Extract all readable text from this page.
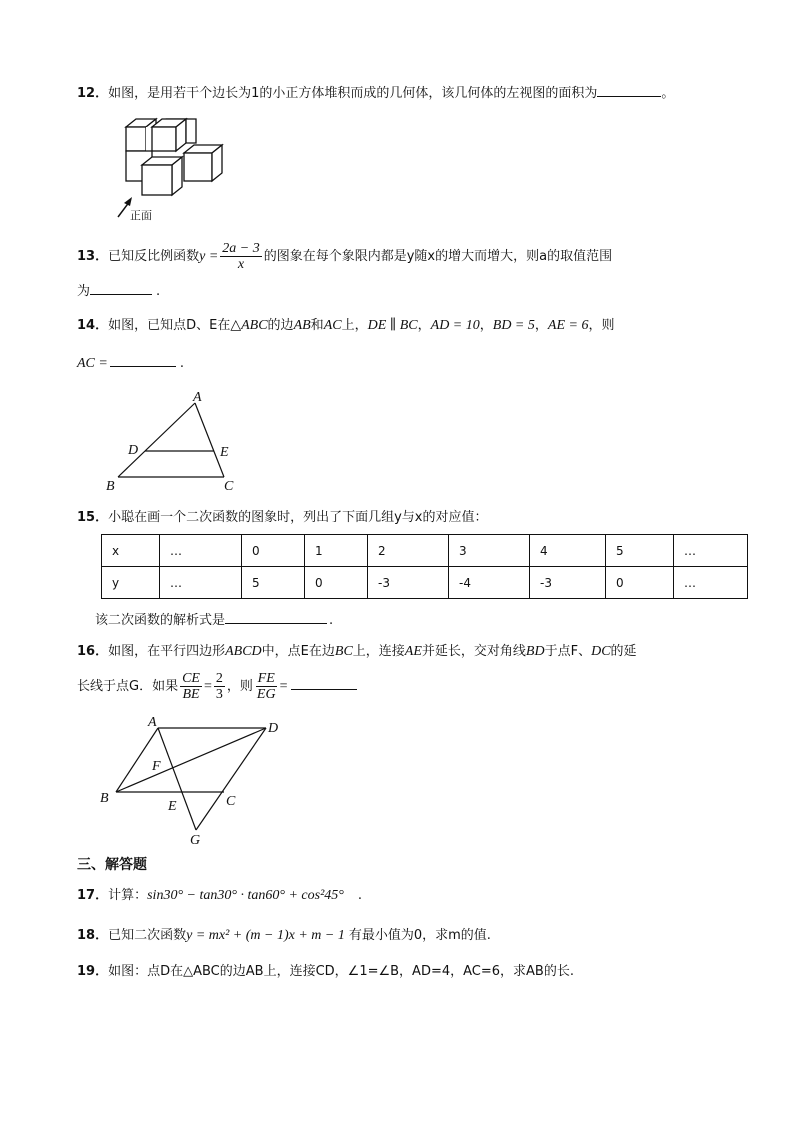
12．如图，是用若干个边长为1的小正方体堆积而成的几何体，该几何体的左视图的面积为	。
正面
13．已知反比例函数$y = \frac{2a - 3}{x}$ 的图象在每个象限内都是y随x的增大而增大，则a的取值范围
为	.
14．如图，已知点D、E在△ABC的边AB和AC上，DE ∥ BC，AD = 10，BD = 5，AE = 6，则
AC =	.
A
B	C
D	E
15．小聪在画一个二次函数的图象时，列出了下面几组y与x的对应值：
x	…	0	1	2	3	4	5	…
y	…	5	0	-3	-4	-3	0	…
该二次函数的解析式是	.
16．如图，在平行四边形ABCD中，点E在边BC上，连接AE并延长，交对角线BD于点F、DC的延
长线于点G．如果 $\frac{CE}{BE} = \frac{2}{3}$ ，则 $\frac{FE}{EG}$ =
A	D
B	C
F
E
G
三、解答题
17．计算：sin30° − tan30° · tan60° + cos²45° .
18．已知二次函数y = mx² + (m − 1)x + m − 1 有最小值为0，求m的值.
19．如图：点D在△ABC的边AB上，连接CD，∠1=∠B，AD=4，AC=6，求AB的长.
